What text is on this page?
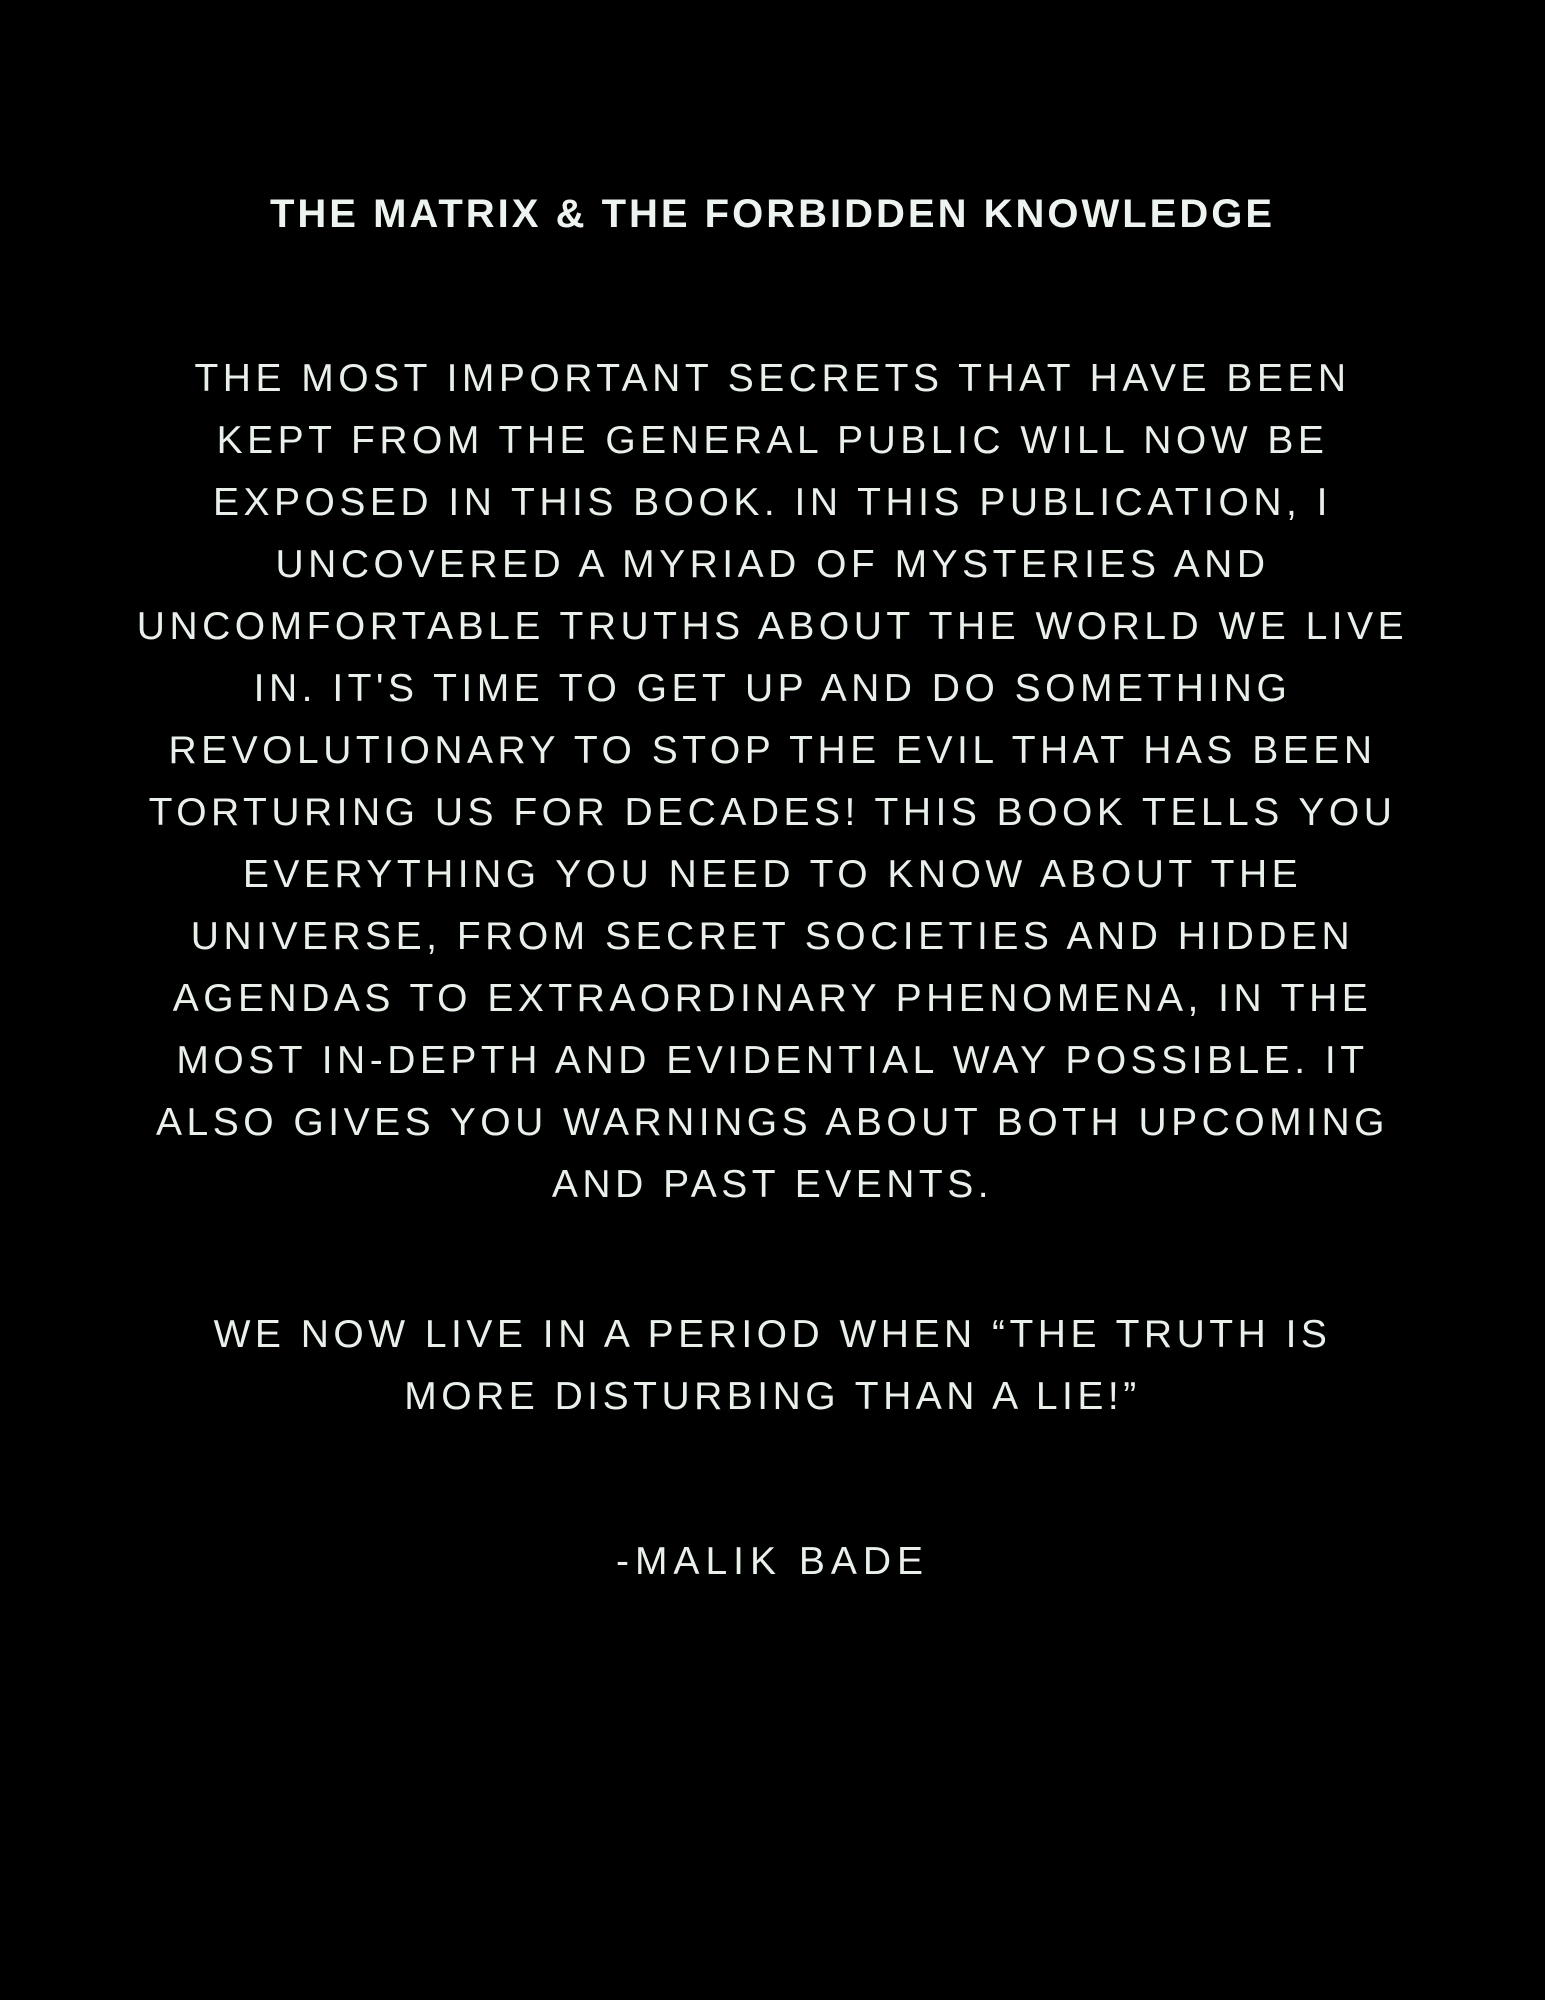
THE MATRIX & THE FORBIDDEN KNOWLEDGE
THE MOST IMPORTANT SECRETS THAT HAVE BEEN
KEPT FROM THE GENERAL PUBLIC WILL NOW BE
EXPOSED IN THIS BOOK. IN THIS PUBLICATION, I
UNCOVERED A MYRIAD OF MYSTERIES AND
UNCOMFORTABLE TRUTHS ABOUT THE WORLD WE LIVE
IN. IT'S TIME TO GET UP AND DO SOMETHING
REVOLUTIONARY TO STOP THE EVIL THAT HAS BEEN
TORTURING US FOR DECADES! THIS BOOK TELLS YOU
EVERYTHING YOU NEED TO KNOW ABOUT THE
UNIVERSE, FROM SECRET SOCIETIES AND HIDDEN
AGENDAS TO EXTRAORDINARY PHENOMENA, IN THE
MOST IN-DEPTH AND EVIDENTIAL WAY POSSIBLE. IT
ALSO GIVES YOU WARNINGS ABOUT BOTH UPCOMING
AND PAST EVENTS.
WE NOW LIVE IN A PERIOD WHEN “THE TRUTH IS
MORE DISTURBING THAN A LIE!”
-MALIK BADE
